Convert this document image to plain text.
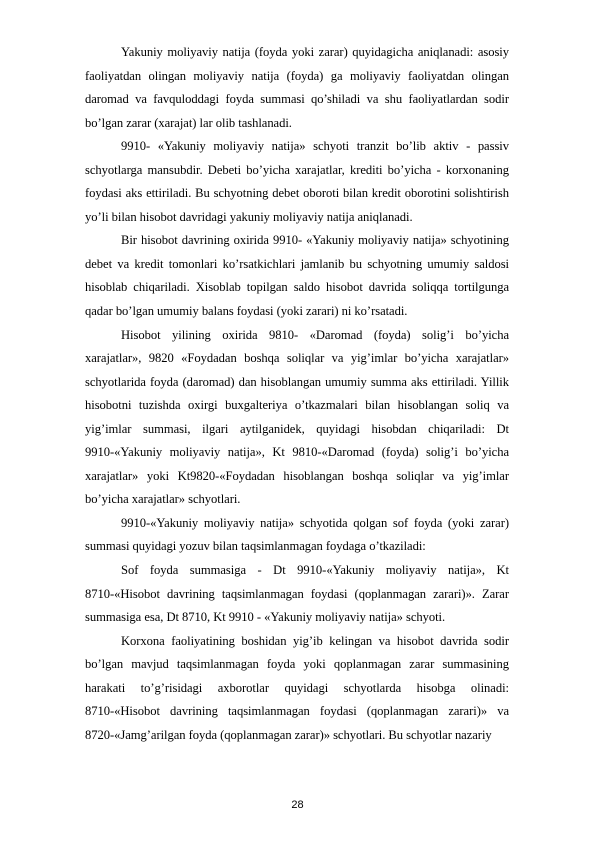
Yakuniy moliyaviy natija (foyda yoki zarar) quyidagicha aniqlanadi: asosiy faoliyatdan olingan moliyaviy natija (foyda) ga moliyaviy faoliyatdan olingan daromad va favquloddagi foyda summasi qo’shiladi va shu faoliyatlardan sodir bo’lgan zarar (xarajat) lar olib tashlanadi.

9910- «Yakuniy moliyaviy natija» schyoti tranzit bo’lib aktiv - passiv schyotlarga mansubdir. Debeti bo’yicha xarajatlar, krediti bo’yicha - korxonaning foydasi aks ettiriladi. Bu schyotning debet oboroti bilan kredit oborotini solishtirish yo’li bilan hisobot davridagi yakuniy moliyaviy natija aniqlanadi.

Bir hisobot davrining oxirida 9910- «Yakuniy moliyaviy natija» schyotining debet va kredit tomonlari ko’rsatkichlari jamlanib bu schyotning umumiy saldosi hisoblab chiqariladi. Xisoblab topilgan saldo hisobot davrida soliqqa tortilgunga qadar bo’lgan umumiy balans foydasi (yoki zarari) ni ko’rsatadi.

Hisobot yilining oxirida 9810- «Daromad (foyda) solig’i bo’yicha xarajatlar», 9820 «Foydadan boshqa soliqlar va yig’imlar bo’yicha xarajatlar» schyotlarida foyda (daromad) dan hisoblangan umumiy summa aks ettiriladi. Yillik hisobotni tuzishda oxirgi buxgalteriya o’tkazmalari bilan hisoblangan soliq va yig’imlar summasi, ilgari aytilganidek, quyidagi hisobdan chiqariladi: Dt 9910-«Yakuniy moliyaviy natija», Kt 9810-«Daromad (foyda) solig’i bo’yicha xarajatlar» yoki Kt9820-«Foydadan hisoblangan boshqa soliqlar va yig’imlar bo’yicha xarajatlar» schyotlari.

9910-«Yakuniy moliyaviy natija» schyotida qolgan sof foyda (yoki zarar) summasi quyidagi yozuv bilan taqsimlanmagan foydaga o’tkaziladi:

Sof foyda summasiga - Dt 9910-«Yakuniy moliyaviy natija», Kt 8710-«Hisobot davrining taqsimlanmagan foydasi (qoplanmagan zarari)». Zarar summasiga esa, Dt 8710, Kt 9910 - «Yakuniy moliyaviy natija» schyoti.

Korxona faoliyatining boshidan yig’ib kelingan va hisobot davrida sodir bo’lgan mavjud taqsimlanmagan foyda yoki qoplanmagan zarar summasining harakati to’g’risidagi axborotlar quyidagi schyotlarda hisobga olinadi: 8710-«Hisobot davrining taqsimlanmagan foydasi (qoplanmagan zarari)» va 8720-«Jamg’arilgan foyda (qoplanmagan zarar)» schyotlari. Bu schyotlar nazariy

28
